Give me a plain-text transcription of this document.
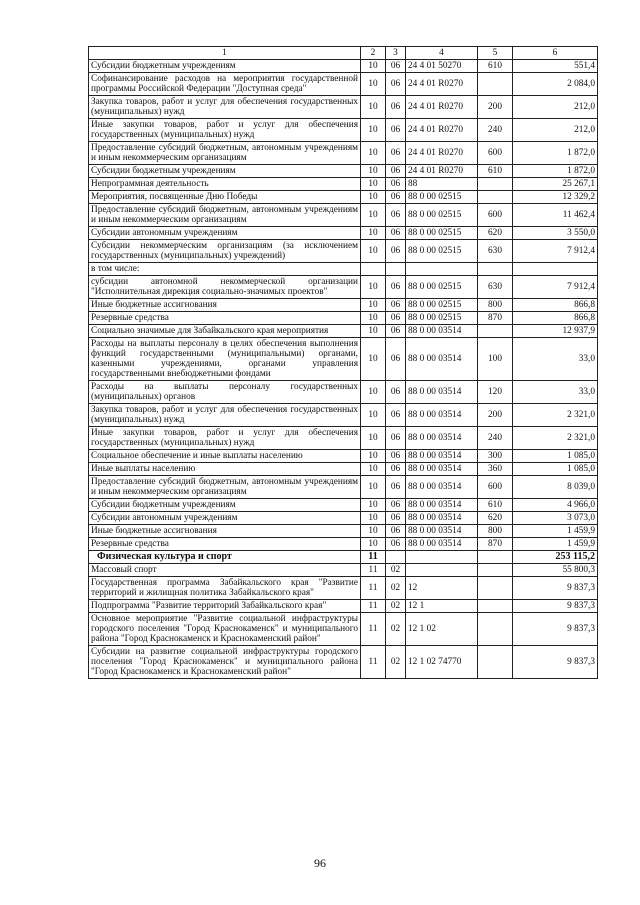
1	2	3	4	5	6
Субсидии бюджетным учреждениям	10	06	24 4 01 50270	610	551,4
Софинансирование расходов на мероприятия государственной программы Российской Федерации "Доступная среда"	10	06	24 4 01 R0270		2 084,0
Закупка товаров, работ и услуг для обеспечения государственных (муниципальных) нужд	10	06	24 4 01 R0270	200	212,0
Иные закупки товаров, работ и услуг для обеспечения государственных (муниципальных) нужд	10	06	24 4 01 R0270	240	212,0
Предоставление субсидий бюджетным, автономным учреждениям и иным некоммерческим организациям	10	06	24 4 01 R0270	600	1 872,0
Субсидии бюджетным учреждениям	10	06	24 4 01 R0270	610	1 872,0
Непрограммная деятельность	10	06	88		25 267,1
Мероприятия, посвященные Дню Победы	10	06	88 0 00 02515		12 329,2
Предоставление субсидий бюджетным, автономным учреждениям и иным некоммерческим организациям	10	06	88 0 00 02515	600	11 462,4
Субсидии автономным учреждениям	10	06	88 0 00 02515	620	3 550,0
Субсидии некоммерческим организациям (за исключением государственных (муниципальных) учреждений)	10	06	88 0 00 02515	630	7 912,4
в том числе:					
субсидии автономной некоммерческой организации "Исполнительная дирекция социально-значимых проектов"	10	06	88 0 00 02515	630	7 912,4
Иные бюджетные ассигнования	10	06	88 0 00 02515	800	866,8
Резервные средства	10	06	88 0 00 02515	870	866,8
Социально значимые для Забайкальского края мероприятия	10	06	88 0 00 03514		12 937,9
Расходы на выплаты персоналу в целях обеспечения выполнения функций государственными (муниципальными) органами, казенными учреждениями, органами управления государственными внебюджетными фондами	10	06	88 0 00 03514	100	33,0
Расходы на выплаты персоналу государственных (муниципальных) органов	10	06	88 0 00 03514	120	33,0
Закупка товаров, работ и услуг для обеспечения государственных (муниципальных) нужд	10	06	88 0 00 03514	200	2 321,0
Иные закупки товаров, работ и услуг для обеспечения государственных (муниципальных) нужд	10	06	88 0 00 03514	240	2 321,0
Социальное обеспечение и иные выплаты населению	10	06	88 0 00 03514	300	1 085,0
Иные выплаты населению	10	06	88 0 00 03514	360	1 085,0
Предоставление субсидий бюджетным, автономным учреждениям и иным некоммерческим организациям	10	06	88 0 00 03514	600	8 039,0
Субсидии бюджетным учреждениям	10	06	88 0 00 03514	610	4 966,0
Субсидии автономным учреждениям	10	06	88 0 00 03514	620	3 073,0
Иные бюджетные ассигнования	10	06	88 0 00 03514	800	1 459,9
Резервные средства	10	06	88 0 00 03514	870	1 459,9
Физическая культура и спорт	11				253 115,2
Массовый спорт	11	02			55 800,3
Государственная программа Забайкальского края "Развитие территорий и жилищная политика Забайкальского края"	11	02	12		9 837,3
Подпрограмма "Развитие территорий Забайкальского края"	11	02	12 1		9 837,3
Основное мероприятие "Развитие социальной инфраструктуры городского поселения "Город Краснокаменск" и муниципального района "Город Краснокаменск и Краснокаменский район"	11	02	12 1 02		9 837,3
Субсидии на развитие социальной инфраструктуры городского поселения "Город Краснокаменск" и муниципального района "Город Краснокаменск и Краснокаменский район"	11	02	12 1 02 74770		9 837,3
96
